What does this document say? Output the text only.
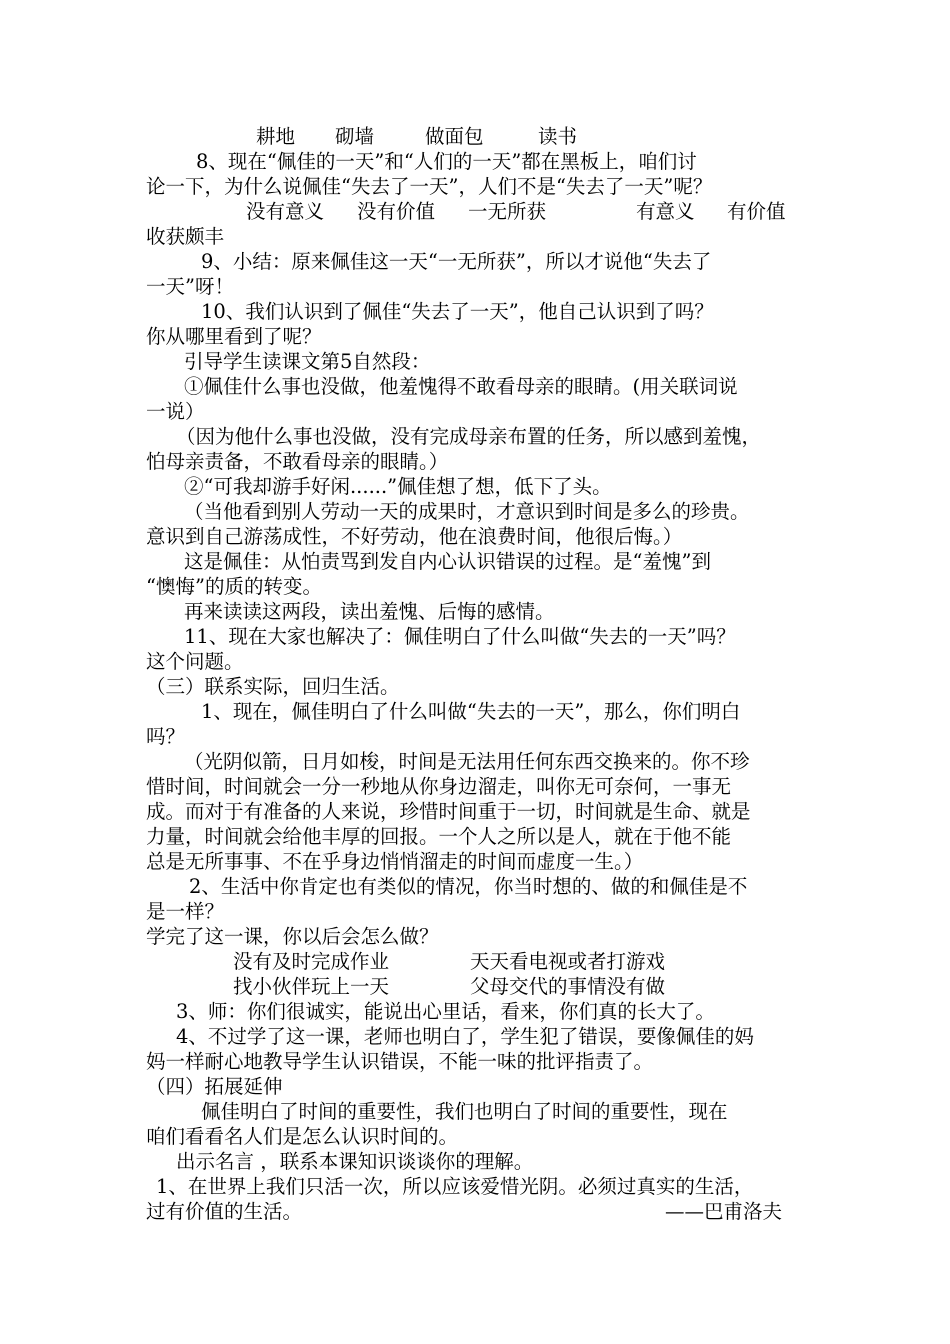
耕地 砌墙	做面包	读书
8、现在“佩佳的一天”和“人们的一天”都在黑板上，咱们讨
论一下，为什么说佩佳“失去了一天”，人们不是“失去了一天”呢？
没有意义 没有价值 一无所获	有意义 有价值
收获颇丰
9、小结：原来佩佳这一天“一无所获”，所以才说他“失去了
一天”呀！
10、我们认识到了佩佳“失去了一天”，他自己认识到了吗？
你从哪里看到了呢？
引导学生读课文第5自然段：
①佩佳什么事也没做，他羞愧得不敢看母亲的眼睛。(用关联词说
一说）
（因为他什么事也没做，没有完成母亲布置的任务，所以感到羞愧，
怕母亲责备，不敢看母亲的眼睛。）
②“可我却游手好闲......”佩佳想了想，低下了头。
（当他看到别人劳动一天的成果时，才意识到时间是多么的珍贵。
意识到自己游荡成性，不好劳动，他在浪费时间，他很后悔。）
这是佩佳：从怕责骂到发自内心认识错误的过程。是“羞愧”到
“懊悔”的质的转变。
再来读读这两段，读出羞愧、后悔的感情。
11、现在大家也解决了：佩佳明白了什么叫做“失去的一天”吗？
这个问题。
（三）联系实际，回归生活。
1、现在，佩佳明白了什么叫做“失去的一天”，那么，你们明白
吗？
（光阴似箭，日月如梭，时间是无法用任何东西交换来的。你不珍
惜时间，时间就会一分一秒地从你身边溜走，叫你无可奈何，一事无
成。而对于有准备的人来说，珍惜时间重于一切，时间就是生命、就是
力量，时间就会给他丰厚的回报。一个人之所以是人，就在于他不能
总是无所事事、不在乎身边悄悄溜走的时间而虚度一生。）
2、生活中你肯定也有类似的情况，你当时想的、做的和佩佳是不
是一样？
学完了这一课，你以后会怎么做？
没有及时完成作业	天天看电视或者打游戏
找小伙伴玩上一天	父母交代的事情没有做
3、师：你们很诚实，能说出心里话，看来，你们真的长大了。
4、不过学了这一课，老师也明白了，学生犯了错误，要像佩佳的妈
妈一样耐心地教导学生认识错误，不能一味的批评指责了。
（四）拓展延伸
佩佳明白了时间的重要性，我们也明白了时间的重要性，现在
咱们看看名人们是怎么认识时间的。
出示名言 ，联系本课知识谈谈你的理解。
1、在世界上我们只活一次，所以应该爱惜光阴。必须过真实的生活，
过有价值的生活。	——巴甫洛夫
